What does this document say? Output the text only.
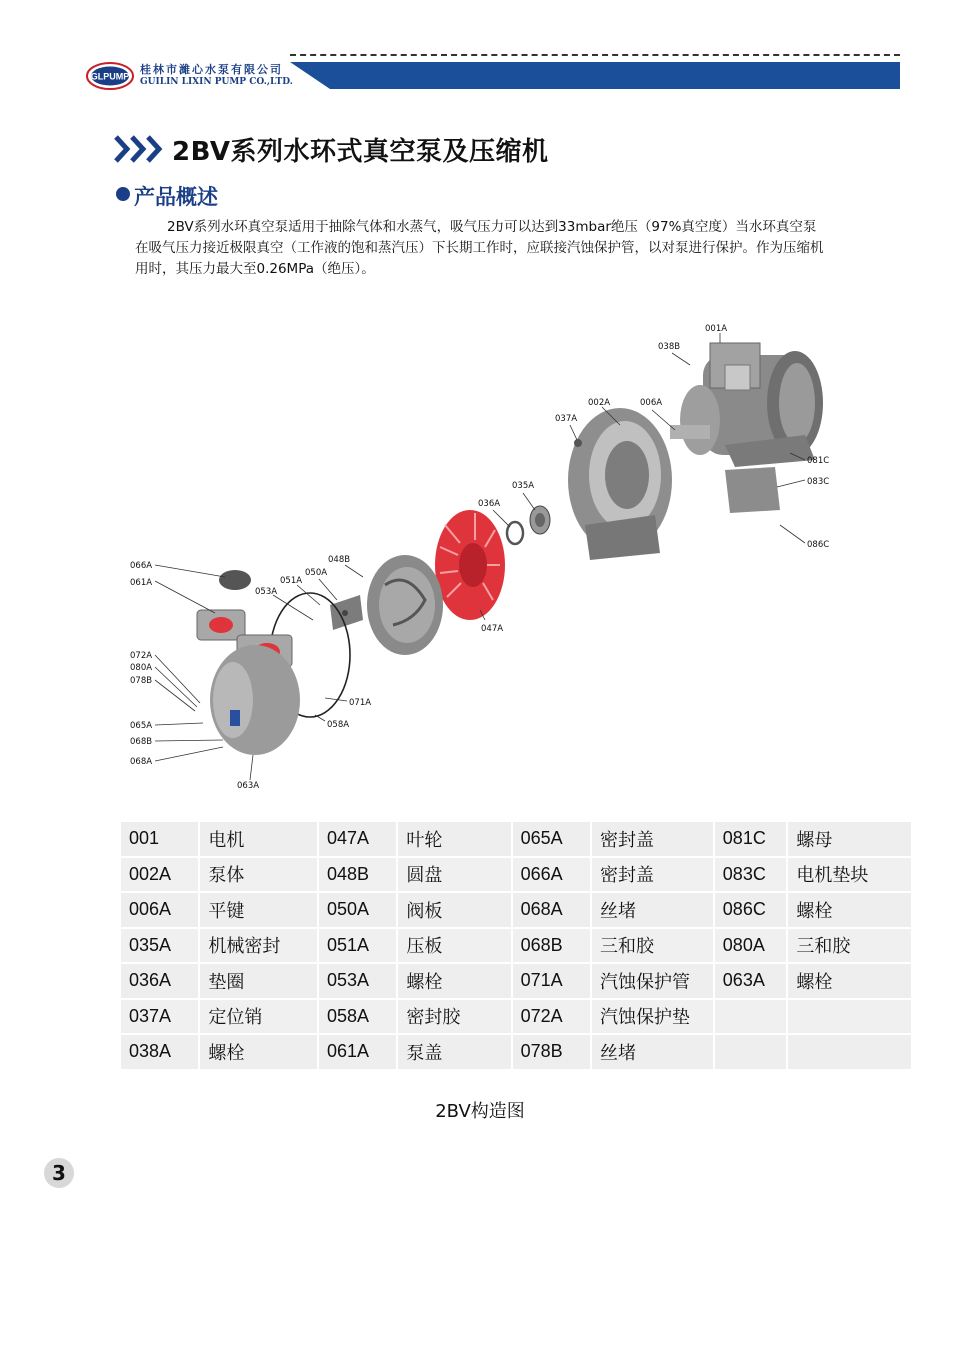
GLPUMP
桂林市濰心水泵有限公司
GUILIN LIXIN PUMP CO.,LTD.
2BV系列水环式真空泵及压缩机
产品概述
2BV系列水环真空泵适用于抽除气体和水蒸气，吸气压力可以达到33mbar绝压（97%真空度）当水环真空泵在吸气压力接近极限真空（工作液的饱和蒸汽压）下长期工作时，应联接汽蚀保护管，以对泵进行保护。作为压缩机用时，其压力最大至0.26MPa（绝压）。
001A
038B
002A	006A
037A
081C
083C
086C
035A
036A
047A
048B
050A
051A
053A
066A
061A
072A
080A
078B
071A
058A
065A
068B
068A
063A
001	电机	047A	叶轮	065A	密封盖	081C	螺母
002A	泵体	048B	圆盘	066A	密封盖	083C	电机垫块
006A	平键	050A	阀板	068A	丝堵	086C	螺栓
035A	机械密封	051A	压板	068B	三和胶	080A	三和胶
036A	垫圈	053A	螺栓	071A	汽蚀保护管	063A	螺栓
037A	定位销	058A	密封胶	072A	汽蚀保护垫		
038A	螺栓	061A	泵盖	078B	丝堵		
2BV构造图
3
